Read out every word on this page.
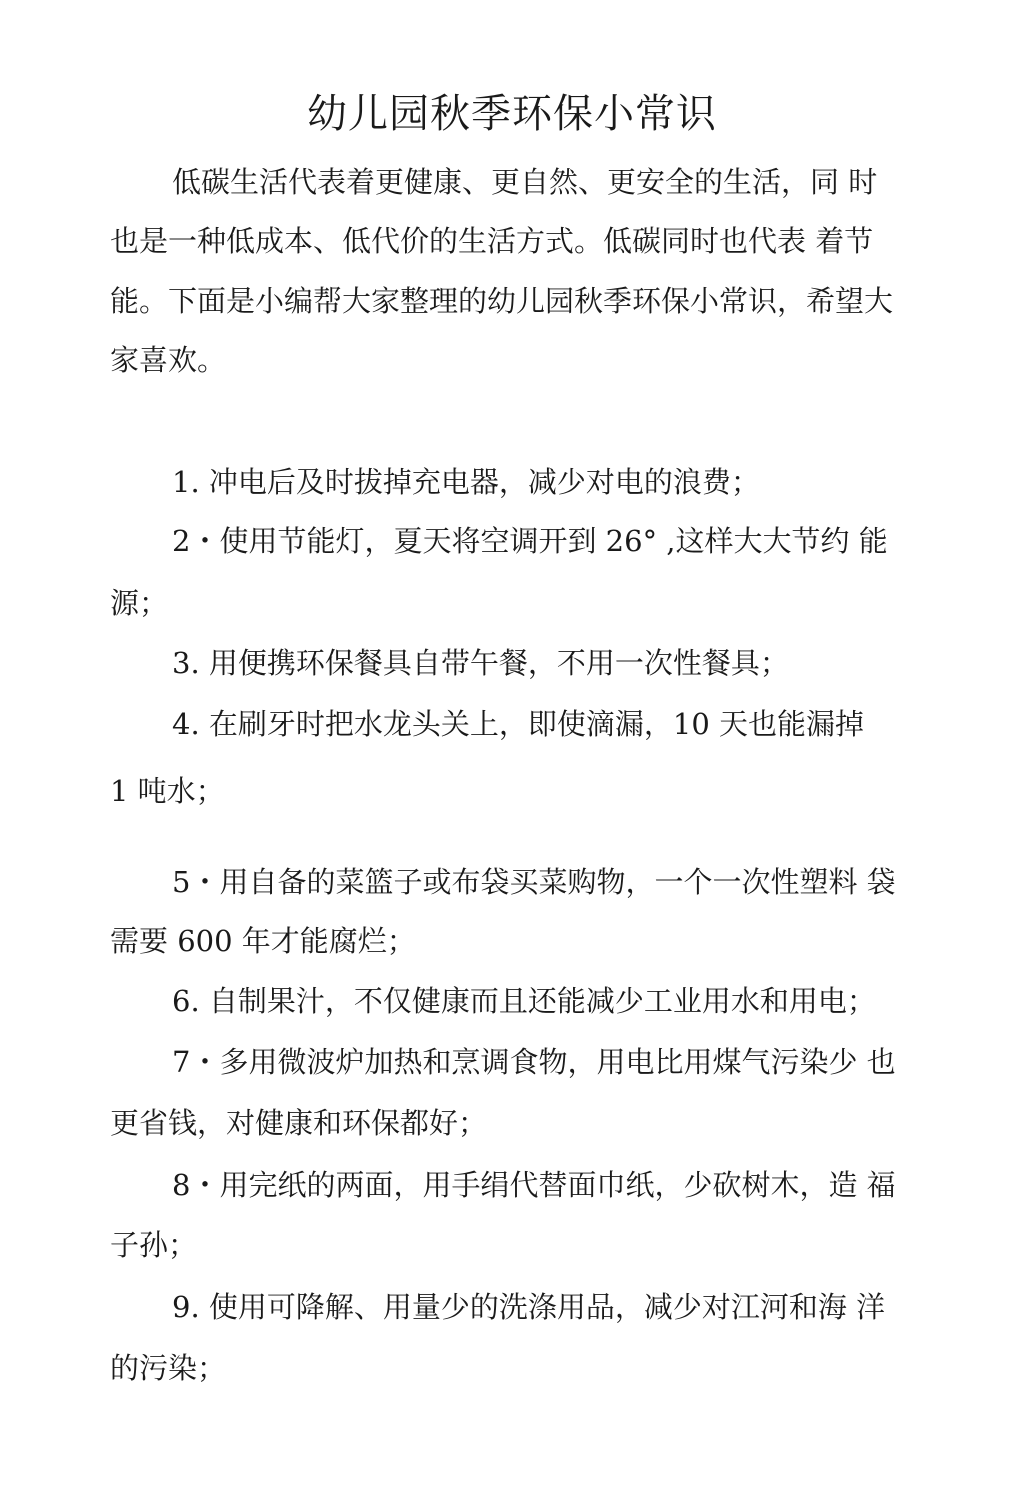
幼儿园秋季环保小常识

低碳生活代表着更健康、更自然、更安全的生活，同 时

也是一种低成本、低代价的生活方式。低碳同时也代表 着节

能。下面是小编帮大家整理的幼儿园秋季环保小常识，希望大

家喜欢。

1. 冲电后及时拔掉充电器，减少对电的浪费；

2・使用节能灯，夏天将空调开到 26° ,这样大大节约 能

源；

3. 用便携环保餐具自带午餐，不用一次性餐具；

4. 在刷牙时把水龙头关上，即使滴漏，10 天也能漏掉

1 吨水；

5・用自备的菜篮子或布袋买菜购物，一个一次性塑料 袋

需要 600 年才能腐烂；

6. 自制果汁，不仅健康而且还能减少工业用水和用电；

7・多用微波炉加热和烹调食物，用电比用煤气污染少 也

更省钱，对健康和环保都好；

8・用完纸的两面，用手绢代替面巾纸，少砍树木，造 福

子孙；

9. 使用可降解、用量少的洗涤用品，减少对江河和海 洋

的污染；
